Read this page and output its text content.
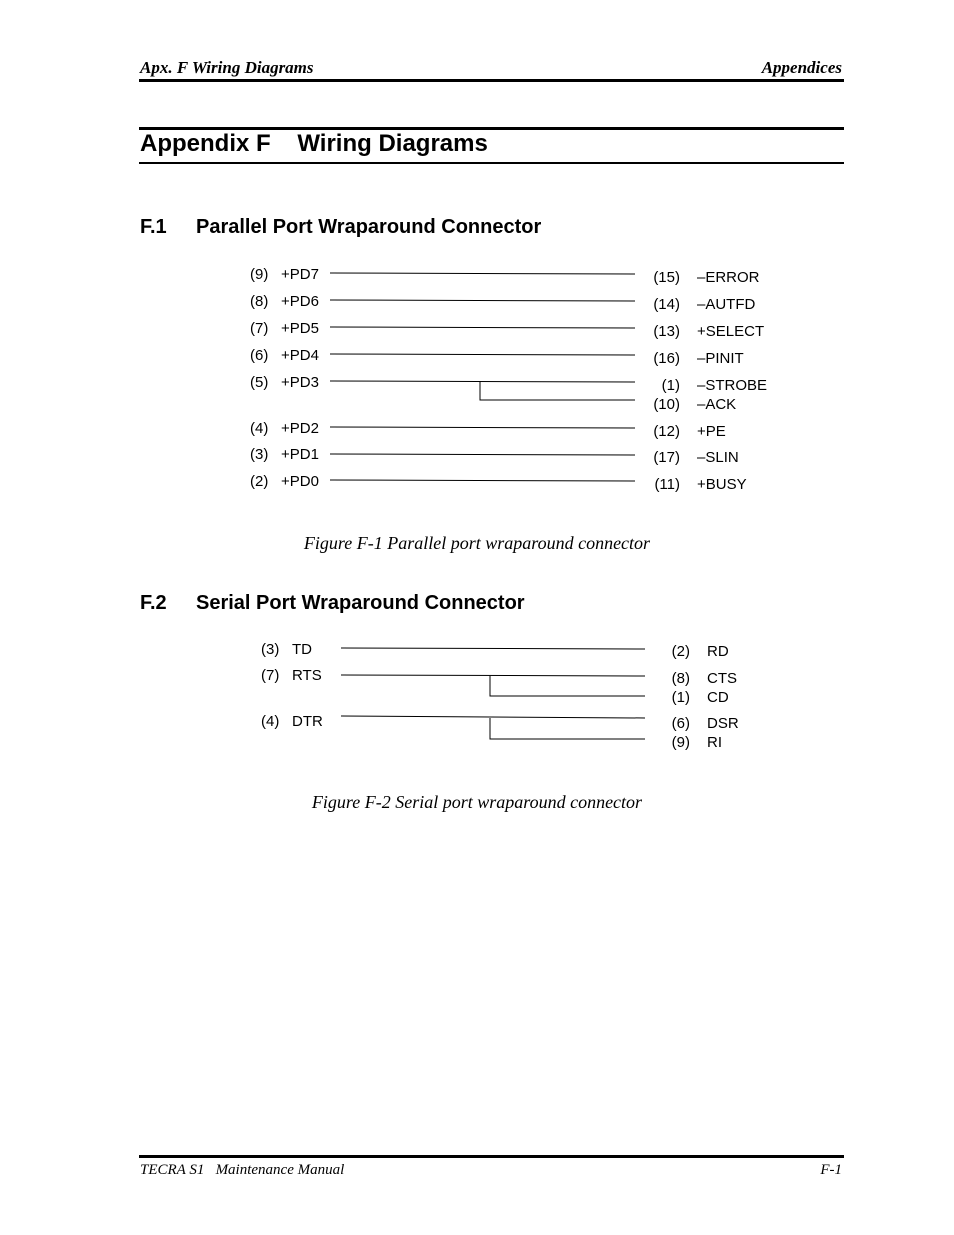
Apx. F Wiring Diagrams	Appendices
Appendix F    Wiring Diagrams
F.1 Parallel Port Wraparound Connector
(9) +PD7
(8) +PD6
(7) +PD5
(6) +PD4
(5) +PD3
(4) +PD2
(3) +PD1
(2) +PD0
(15) –ERROR
(14) –AUTFD
(13) +SELECT
(16) –PINIT
(1) –STROBE
(10) –ACK
(12) +PE
(17) –SLIN
(11) +BUSY
Figure F-1 Parallel port wraparound connector
F.2 Serial Port Wraparound Connector
(3) TD
(7) RTS
(4) DTR
(2) RD
(8) CTS
(1) CD
(6) DSR
(9) RI
Figure F-2 Serial port wraparound connector
TECRA S1   Maintenance Manual	F-1
